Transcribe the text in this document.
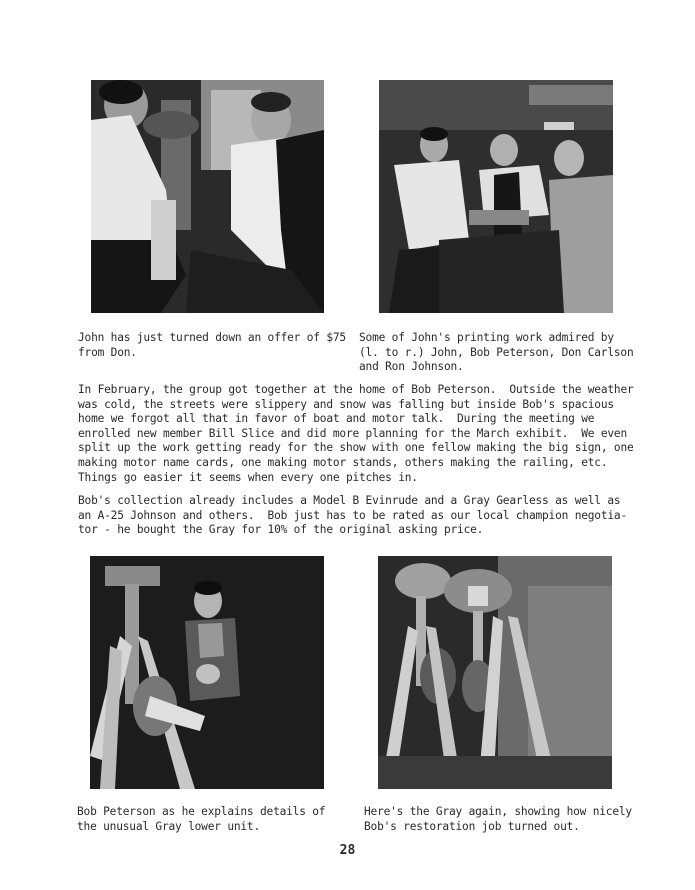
John has just turned down an offer of $75
from Don.
Some of John's printing work admired by
(l. to r.) John, Bob Peterson, Don Carlson
and Ron Johnson.
In February, the group got together at the home of Bob Peterson.  Outside the weather
was cold, the streets were slippery and snow was falling but inside Bob's spacious
home we forgot all that in favor of boat and motor talk.  During the meeting we
enrolled new member Bill Slice and did more planning for the March exhibit.  We even
split up the work getting ready for the show with one fellow making the big sign, one
making motor name cards, one making motor stands, others making the railing, etc.
Things go easier it seems when every one pitches in.
Bob's collection already includes a Model B Evinrude and a Gray Gearless as well as
an A-25 Johnson and others.  Bob just has to be rated as our local champion negotia-
tor - he bought the Gray for 10% of the original asking price.
Bob Peterson as he explains details of
the unusual Gray lower unit.
Here's the Gray again, showing how nicely
Bob's restoration job turned out.
28
